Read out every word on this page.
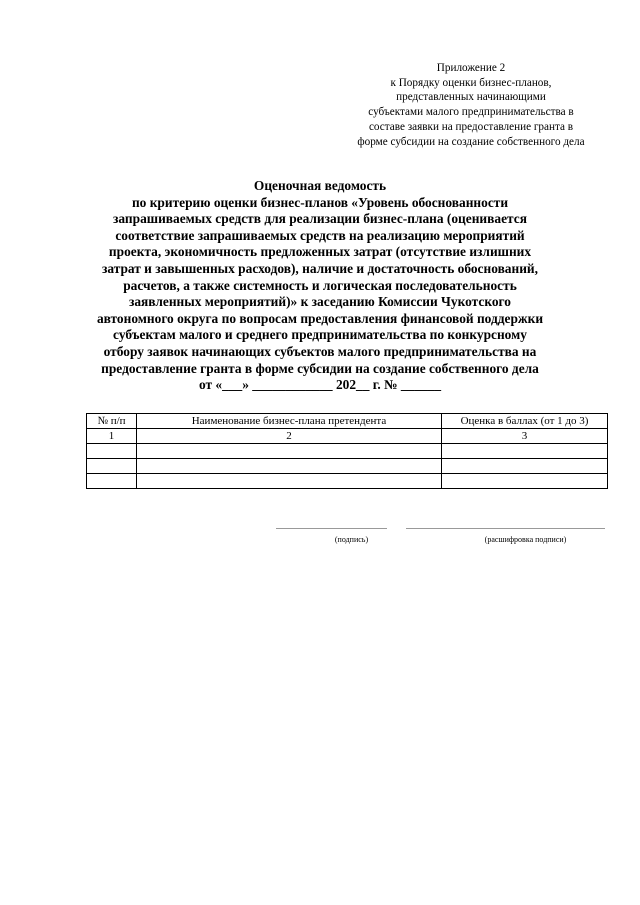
Приложение 2
к Порядку оценки бизнес-планов,
представленных начинающими
субъектами малого предпринимательства в
составе заявки на предоставление гранта в
форме субсидии на создание собственного дела
Оценочная ведомость
по критерию оценки бизнес-планов «Уровень обоснованности
запрашиваемых средств для реализации бизнес-плана (оценивается
соответствие запрашиваемых средств на реализацию мероприятий
проекта, экономичность предложенных затрат (отсутствие излишних
затрат и завышенных расходов), наличие и достаточность обоснований,
расчетов, а также системность и логическая последовательность
заявленных мероприятий)» к заседанию Комиссии Чукотского
автономного округа по вопросам предоставления финансовой поддержки
субъектам малого и среднего предпринимательства по конкурсному
отбору заявок начинающих субъектов малого предпринимательства на
предоставление гранта в форме субсидии на создание собственного дела
от «___» ____________ 202__ г. № ______
№ п/п	Наименование бизнес-плана претендента	Оценка в баллах (от 1 до 3)
1	2	3

(подпись)	(расшифровка подписи)
